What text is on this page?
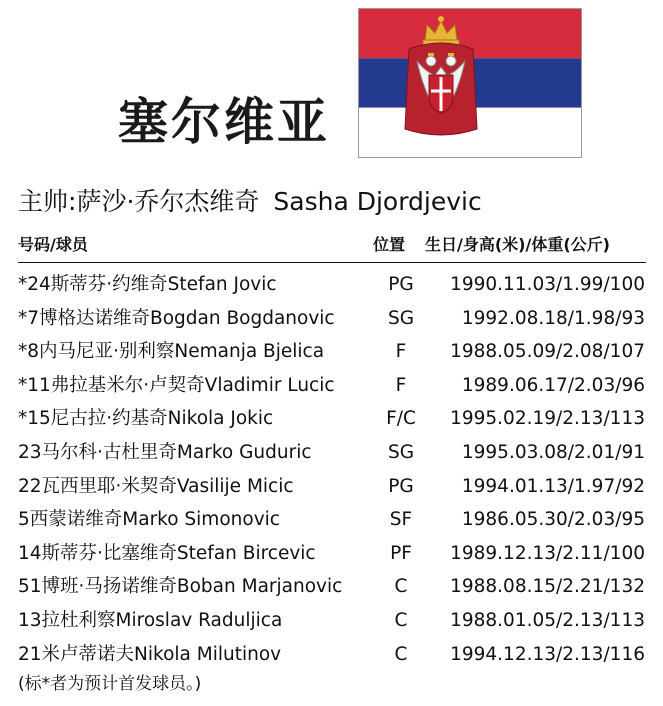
塞尔维亚
主帅:萨沙·乔尔杰维奇 Sasha Djordjevic
号码/球员	位置 生日/身高(米)/体重(公斤)
*24斯蒂芬·约维奇Stefan Jovic	PG	1990.11.03/1.99/100
*7博格达诺维奇Bogdan Bogdanovic	SG	1992.08.18/1.98/93
*8内马尼亚·别利察Nemanja Bjelica	F	1988.05.09/2.08/107
*11弗拉基米尔·卢契奇Vladimir Lucic	F	1989.06.17/2.03/96
*15尼古拉·约基奇Nikola Jokic	F/C	1995.02.19/2.13/113
23马尔科·古杜里奇Marko Guduric	SG	1995.03.08/2.01/91
22瓦西里耶·米契奇Vasilije Micic	PG	1994.01.13/1.97/92
5西蒙诺维奇Marko Simonovic	SF	1986.05.30/2.03/95
14斯蒂芬·比塞维奇Stefan Bircevic	PF	1989.12.13/2.11/100
51博班·马扬诺维奇Boban Marjanovic	C	1988.08.15/2.21/132
13拉杜利察Miroslav Raduljica	C	1988.01.05/2.13/113
21米卢蒂诺夫Nikola Milutinov	C	1994.12.13/2.13/116
(标*者为预计首发球员。)
